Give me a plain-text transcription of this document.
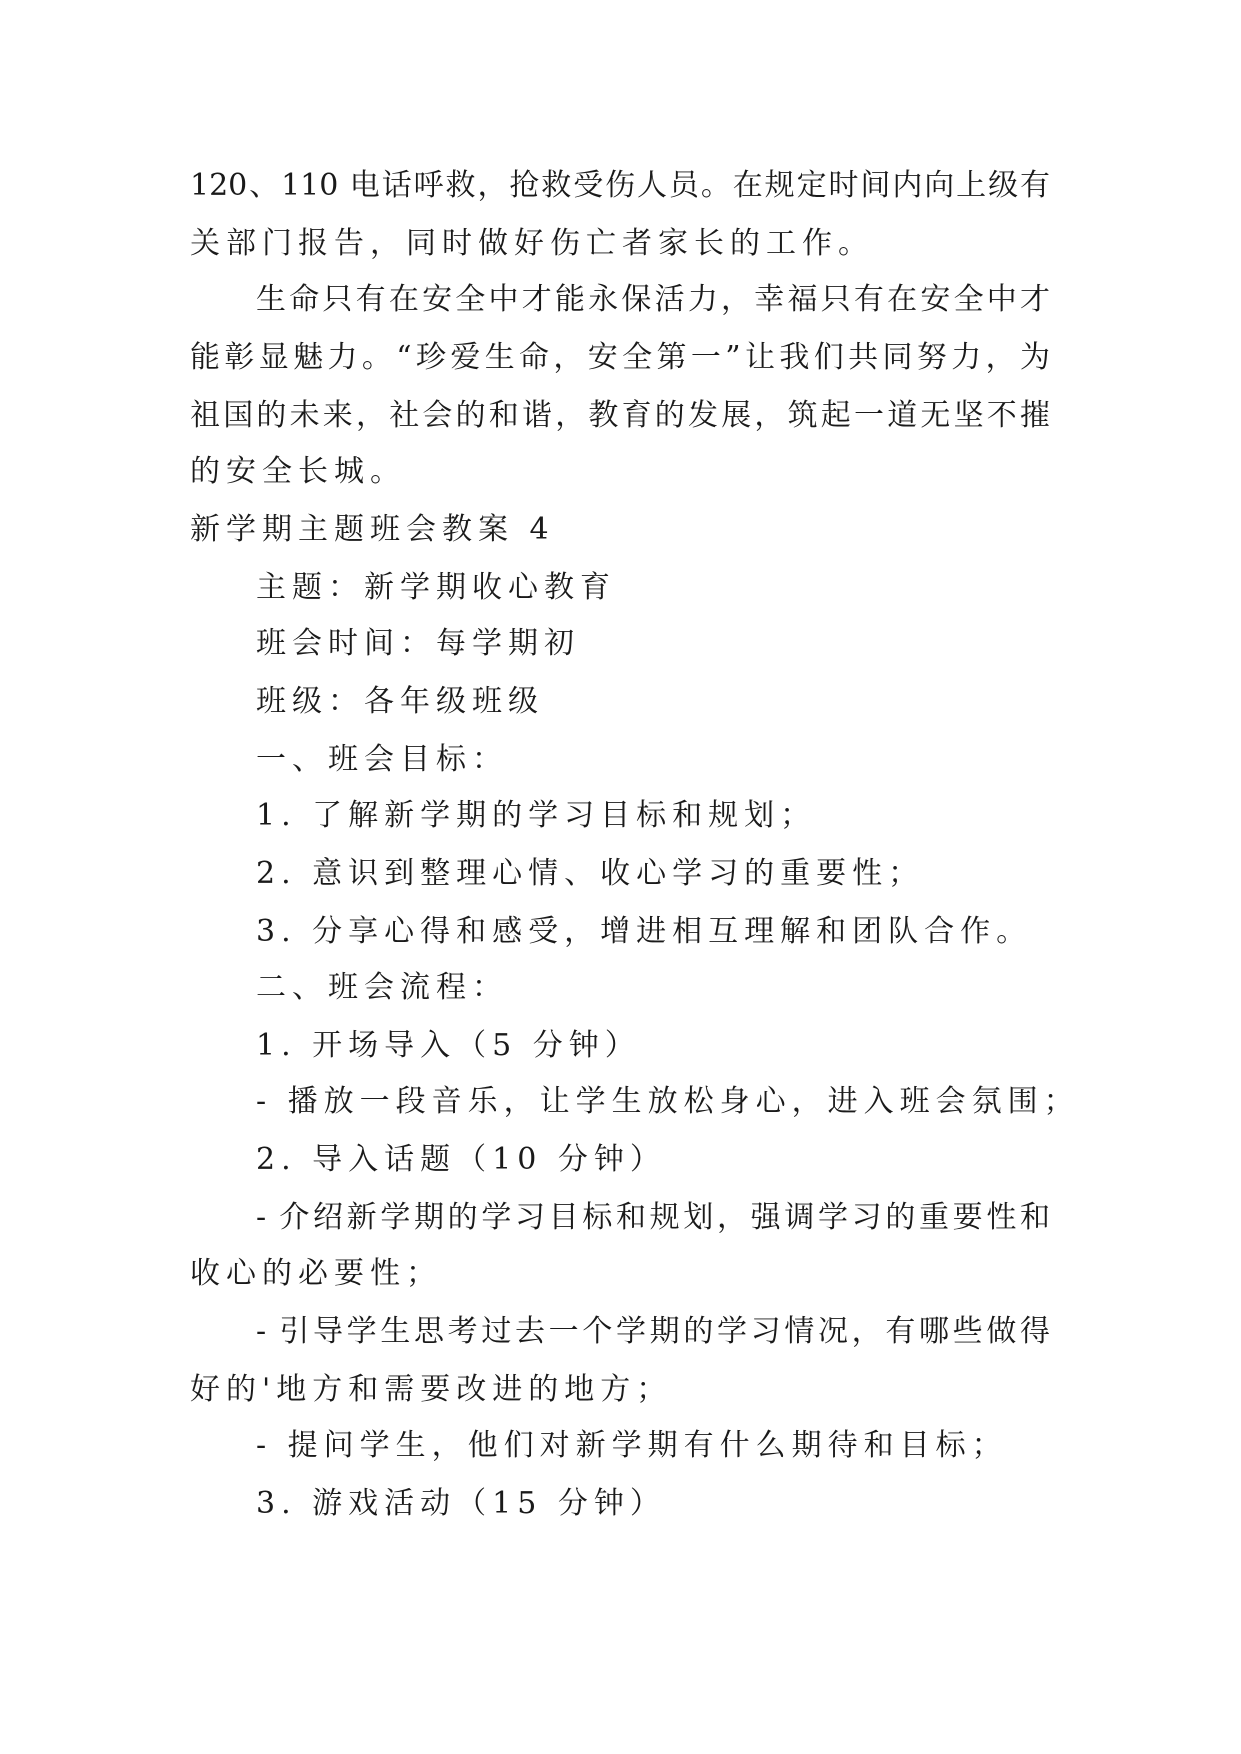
120、110 电话呼救，抢救受伤人员。在规定时间内向上级有
关部门报告，同时做好伤亡者家长的工作。
生命只有在安全中才能永保活力，幸福只有在安全中才
能彰显魅力。“珍爱生命，安全第一”让我们共同努力，为
祖国的未来，社会的和谐，教育的发展，筑起一道无坚不摧
的安全长城。
新学期主题班会教案 4
主题：新学期收心教育
班会时间：每学期初
班级：各年级班级
一、班会目标：
1. 了解新学期的学习目标和规划；
2. 意识到整理心情、收心学习的重要性；
3. 分享心得和感受，增进相互理解和团队合作。
二、班会流程：
1. 开场导入（5 分钟）
- 播放一段音乐，让学生放松身心，进入班会氛围；
2. 导入话题（10 分钟）
- 介绍新学期的学习目标和规划，强调学习的重要性和
收心的必要性；
- 引导学生思考过去一个学期的学习情况，有哪些做得
好的'地方和需要改进的地方；
- 提问学生，他们对新学期有什么期待和目标；
3. 游戏活动（15 分钟）
